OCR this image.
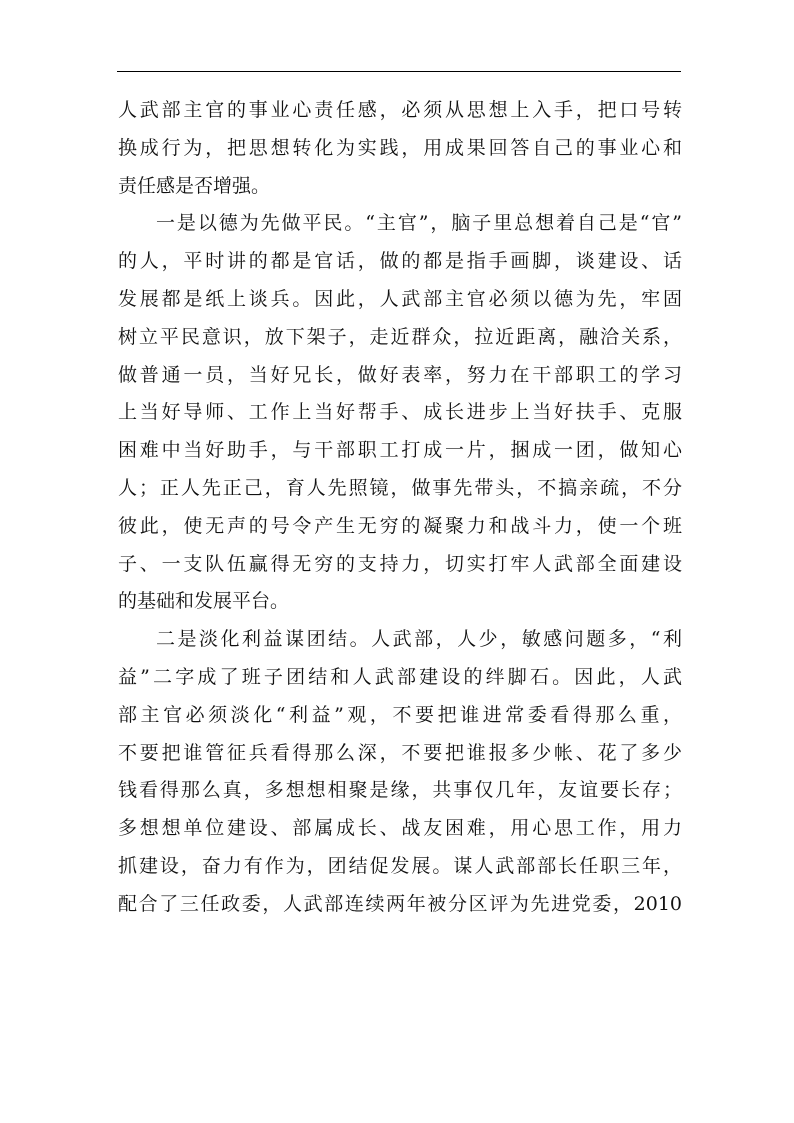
人武部主官的事业心责任感，必须从思想上入手，把口号转
换成行为，把思想转化为实践，用成果回答自己的事业心和
责任感是否增强。
一是以德为先做平民。“主官”，脑子里总想着自己是“官”
的人，平时讲的都是官话，做的都是指手画脚，谈建设、话
发展都是纸上谈兵。因此，人武部主官必须以德为先，牢固
树立平民意识，放下架子，走近群众，拉近距离，融洽关系，
做普通一员，当好兄长，做好表率，努力在干部职工的学习
上当好导师、工作上当好帮手、成长进步上当好扶手、克服
困难中当好助手，与干部职工打成一片，捆成一团，做知心
人；正人先正己，育人先照镜，做事先带头，不搞亲疏，不分
彼此，使无声的号令产生无穷的凝聚力和战斗力，使一个班
子、一支队伍赢得无穷的支持力，切实打牢人武部全面建设
的基础和发展平台。
二是淡化利益谋团结。人武部，人少，敏感问题多，“利
益”二字成了班子团结和人武部建设的绊脚石。因此，人武
部主官必须淡化“利益”观，不要把谁进常委看得那么重，
不要把谁管征兵看得那么深，不要把谁报多少帐、花了多少
钱看得那么真，多想想相聚是缘，共事仅几年，友谊要长存；
多想想单位建设、部属成长、战友困难，用心思工作，用力
抓建设，奋力有作为，团结促发展。谋人武部部长任职三年，
配合了三任政委，人武部连续两年被分区评为先进党委，2010
